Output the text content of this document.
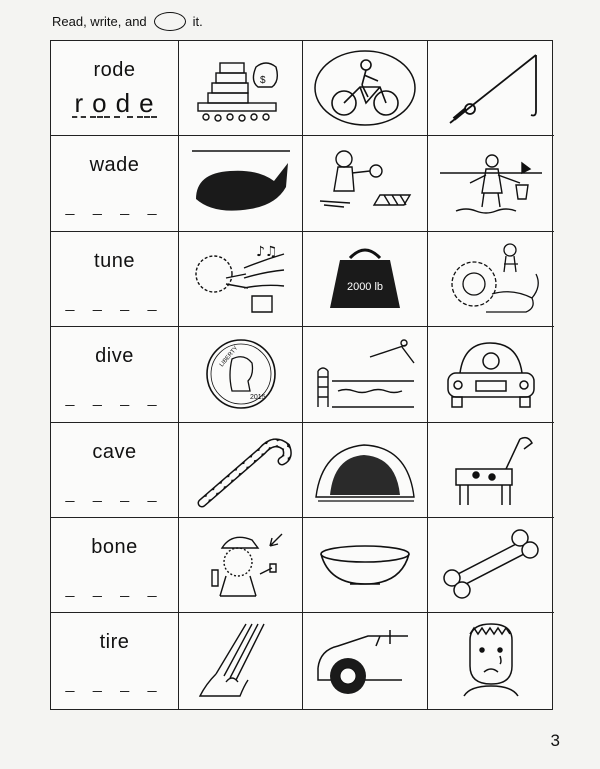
Read, write, and	it.
rode
r o d e
$
wade
_ _ _ _
tune
_ _ _ _
♪♫
2000 lb
dive
_ _ _ _
LIBERTY
2015
cave
_ _ _ _
bone
_ _ _ _
tire
_ _ _ _
3
